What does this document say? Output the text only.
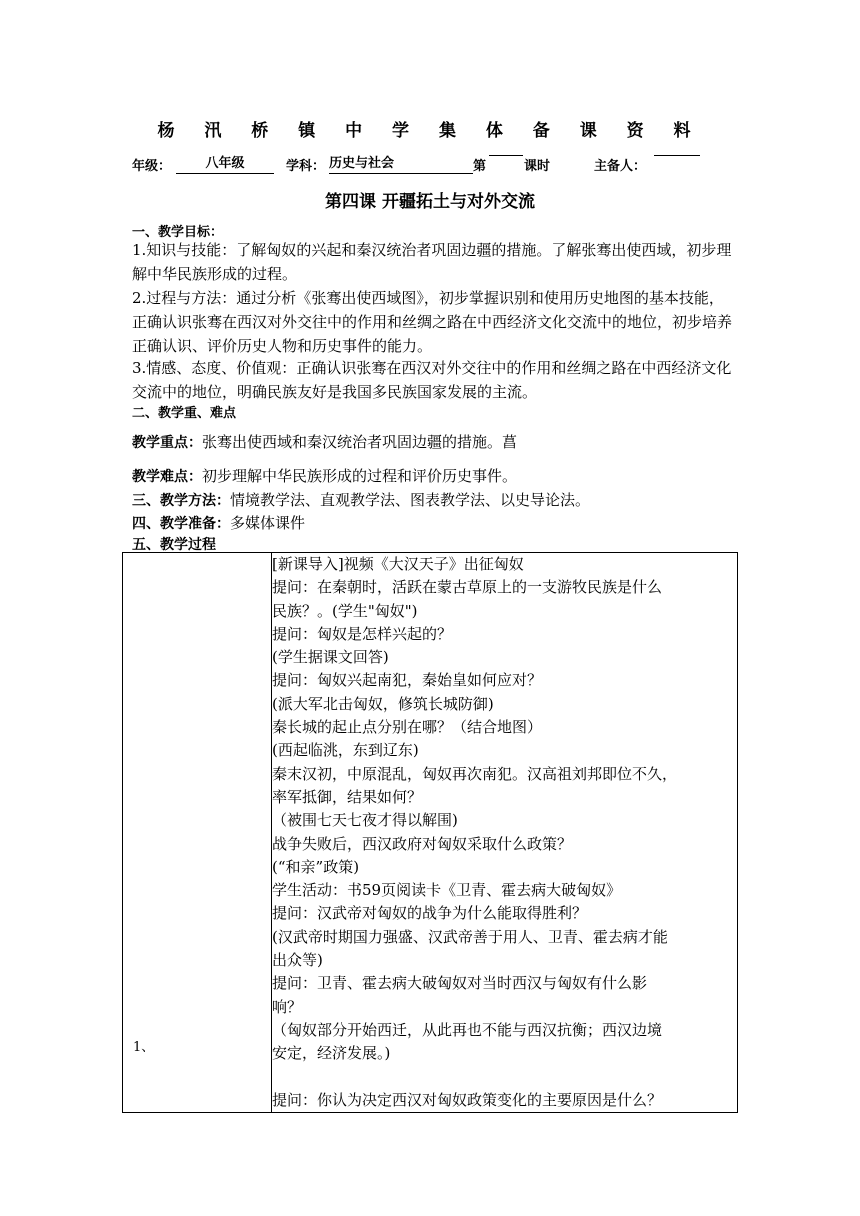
杨 汛 桥 镇 中 学 集 体 备 课 资 料
年级：	八年级	学科： 历史与社会	第	课时	主备人：
第四课 开疆拓土与对外交流
一、教学目标：
1.知识与技能：了解匈奴的兴起和秦汉统治者巩固边疆的措施。了解张骞出使西域，初步理解中华民族形成的过程。
2.过程与方法：通过分析《张骞出使西域图》，初步掌握识别和使用历史地图的基本技能，正确认识张骞在西汉对外交往中的作用和丝绸之路在中西经济文化交流中的地位，初步培养正确认识、评价历史人物和历史事件的能力。
3.情感、态度、价值观：正确认识张骞在西汉对外交往中的作用和丝绸之路在中西经济文化交流中的地位，明确民族友好是我国多民族国家发展的主流。
二、教学重、难点
教学重点：张骞出使西域和秦汉统治者巩固边疆的措施。菖
教学难点：初步理解中华民族形成的过程和评价历史事件。
三、教学方法：情境教学法、直观教学法、图表教学法、以史导论法。
四、教学准备：多媒体课件
五、教学过程
1、

[新课导入]视频《大汉天子》出征匈奴
提问：在秦朝时，活跃在蒙古草原上的一支游牧民族是什么
民族？。(学生"匈奴")
提问：匈奴是怎样兴起的？
(学生据课文回答)
提问：匈奴兴起南犯，秦始皇如何应对？
(派大军北击匈奴，修筑长城防御)
秦长城的起止点分别在哪？（结合地图）
(西起临洮，东到辽东)
秦末汉初，中原混乱，匈奴再次南犯。汉高祖刘邦即位不久，
率军抵御，结果如何？
（被围七天七夜才得以解围)
战争失败后，西汉政府对匈奴采取什么政策？
(“和亲”政策)
学生活动：书59页阅读卡《卫青、霍去病大破匈奴》
提问：汉武帝对匈奴的战争为什么能取得胜利？
(汉武帝时期国力强盛、汉武帝善于用人、卫青、霍去病才能
出众等)
提问：卫青、霍去病大破匈奴对当时西汉与匈奴有什么影
响？
（匈奴部分开始西迁，从此再也不能与西汉抗衡；西汉边境
安定，经济发展。)
提问：你认为决定西汉对匈奴政策变化的主要原因是什么？
